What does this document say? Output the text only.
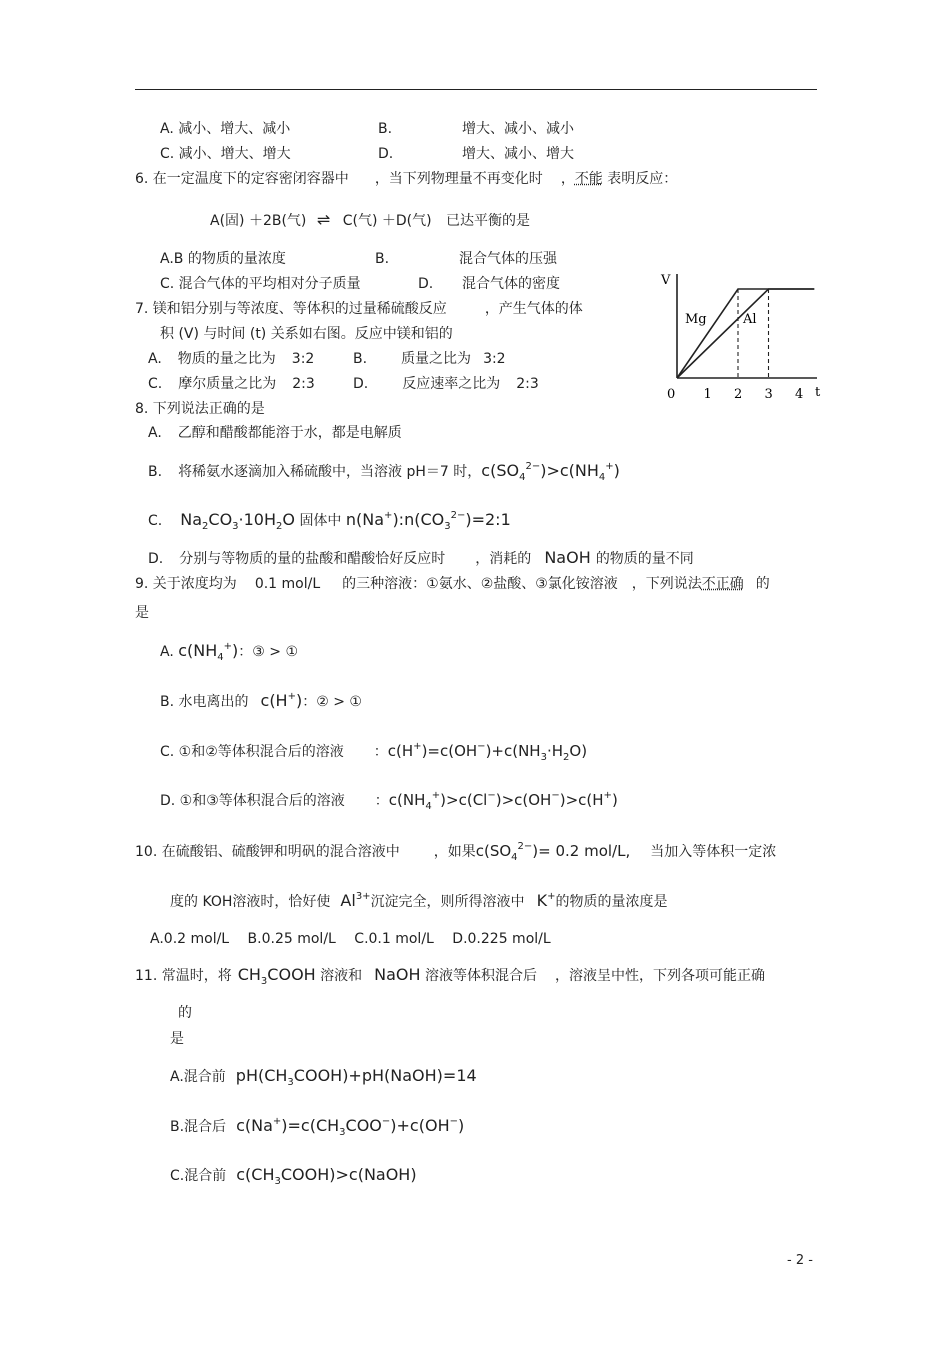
A. 减小、增大、减小	B.	增大、减小、减小
C. 减小、增大、增大	D.	增大、减小、增大
6. 在一定温度下的定容密闭容器中 ，当下列物理量不再变化时 ，不能 表明反应：
A(固) ＋2B(气) ⇌ C(气) ＋D(气) 已达平衡的是
A.B 的物质的量浓度	B.	混合气体的压强
C. 混合气体的平均相对分子质量	D. 混合气体的密度
7. 镁和铝分别与等浓度、等体积的过量稀硫酸反应	，产生气体的体
积 (V) 与时间 (t) 关系如右图。反应中镁和铝的
A. 物质的量之比为 3:2	B. 质量之比为 3:2
C. 摩尔质量之比为 2:3	D. 反应速率之比为 2:3
V
t
0 1 2 3 4
Mg	Al
8. 下列说法正确的是
A. 乙醇和醋酸都能溶于水，都是电解质
B. 将稀氨水逐滴加入稀硫酸中，当溶液 pH＝7 时，$c(SO_4^{2-})>c(NH_4^+)$
C. $Na_2CO_3\cdot 10H_2O$ 固体中 $n(Na^+):n(CO_3^{2-})=2:1$
D. 分别与等物质的量的盐酸和醋酸恰好反应时 ，消耗的 NaOH 的物质的量不同
9. 关于浓度均为 0.1 mol/L 的三种溶液：①氨水、②盐酸、③氯化铵溶液 ，下列说法不正确 的
是
A. $c(NH_4^+)$：③ > ①
B. 水电离出的 c(H+)：② > ①
C. ①和②等体积混合后的溶液 ：$c(H^+)=c(OH^-)+c(NH_3\cdot H_2O)$
D. ①和③等体积混合后的溶液 ：$c(NH_4^+)>c(Cl^-)>c(OH^-)>c(H^+)$
10. 在硫酸铝、硫酸钾和明矾的混合溶液中 ，如果$c(SO_4^{2-})= 0.2$ mol/L, 当加入等体积一定浓
度的 KOH溶液时，恰好使 $Al^{3+}$沉淀完全，则所得溶液中 K+的物质的量浓度是
A.0.2 mol/L　 B.0.25 mol/L　 C.0.1 mol/L　 D.0.225 mol/L
11. 常温时，将 $CH_3COOH$ 溶液和 NaOH 溶液等体积混合后 ，溶液呈中性，下列各项可能正确
的
是
A.混合前 $pH(CH_3COOH)+pH(NaOH)=14$
B.混合后 $c(Na^+)=c(CH_3COO^-)+c(OH^-)$
C.混合前 $c(CH_3COOH)>c(NaOH)$
- 2 -
